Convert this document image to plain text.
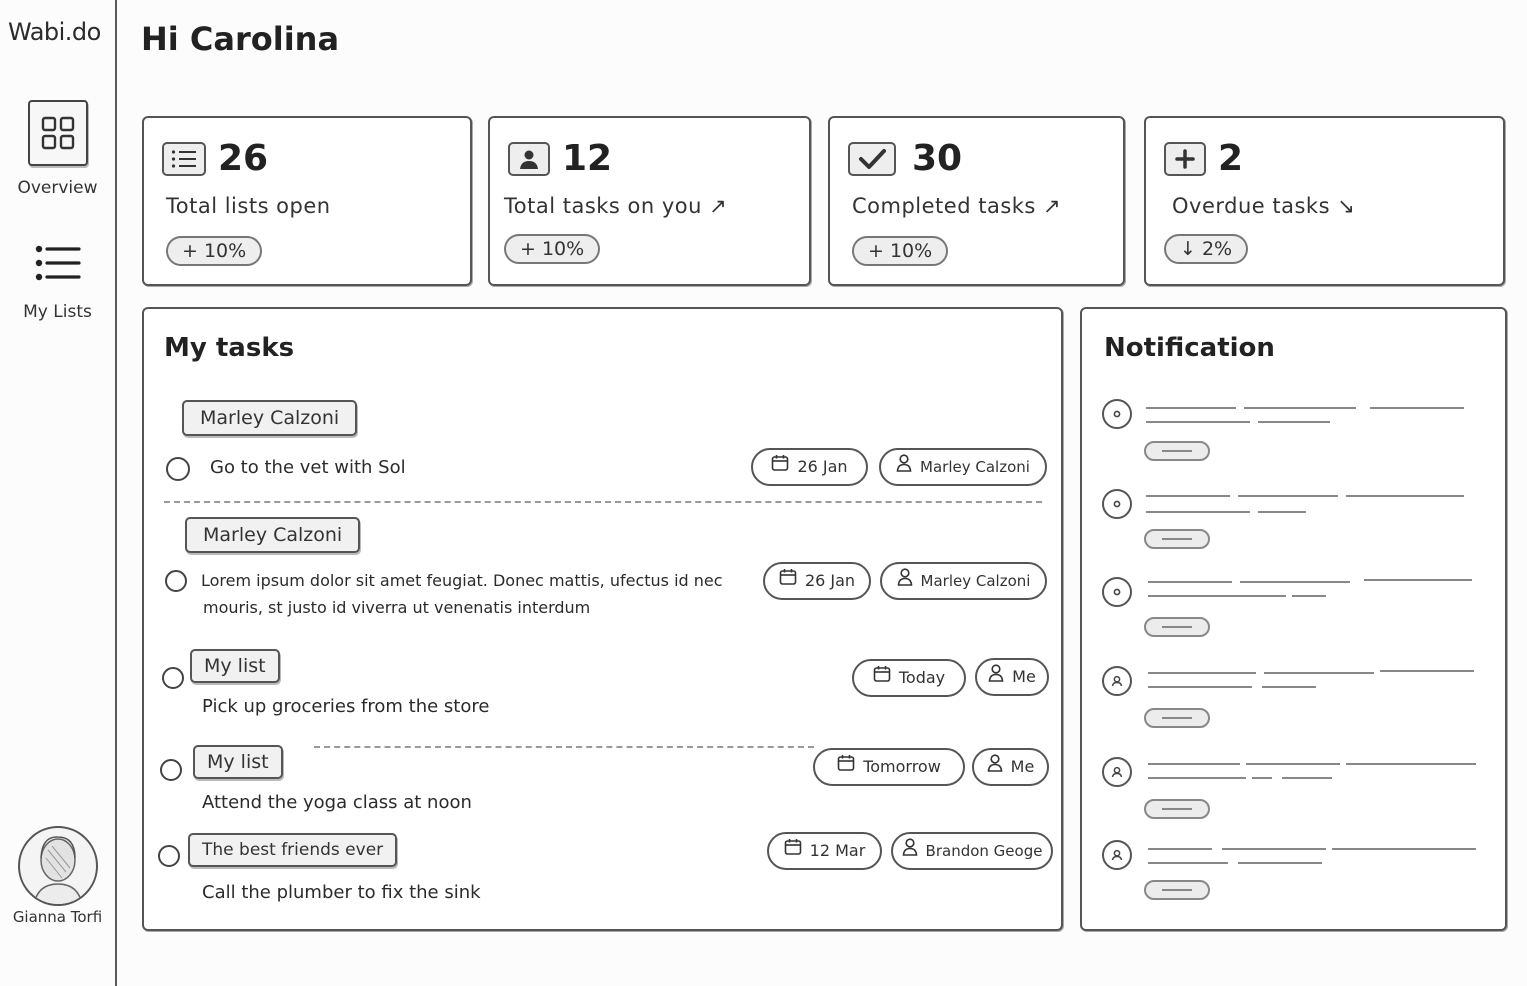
Wabi.do
Overview
My Lists
Gianna Torfi
Hi Carolina
26
Total lists open
+ 10%
12
Total tasks on you ↗
+ 10%
30
Completed tasks ↗
+ 10%
2
Overdue tasks ↘
↓ 2%
My tasks
Marley Calzoni
Go to the vet with Sol	26 Jan	Marley Calzoni
Marley Calzoni
Lorem ipsum dolor sit amet feugiat. Donec mattis, ufectus id nec
mouris, st justo id viverra ut venenatis interdum
26 Jan	Marley Calzoni
My list
Pick up groceries from the store
Today	Me
My list
Attend the yoga class at noon
Tomorrow	Me
The best friends ever
Call the plumber to fix the sink
12 Mar	Brandon Geoge
Notification
